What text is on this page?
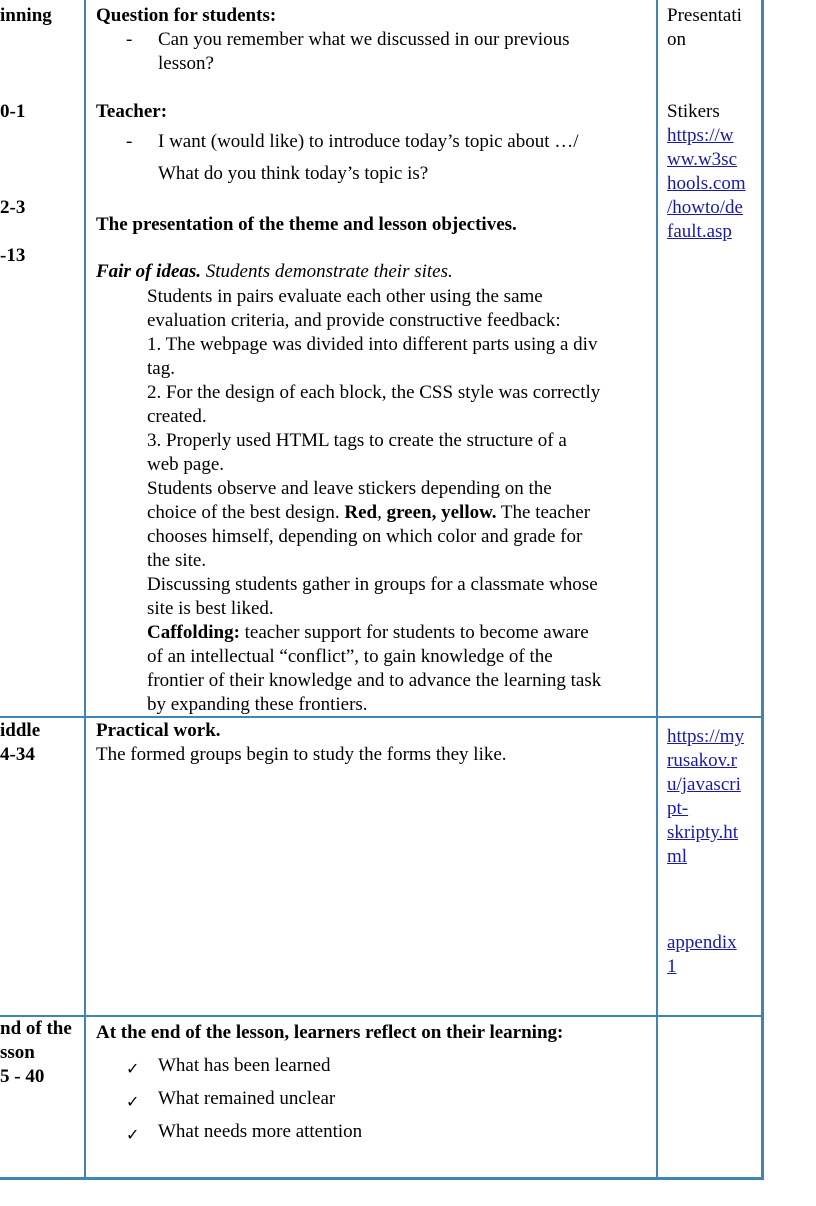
inning
0-1
2-3
-13
Question for students:
- Can you remember what we discussed in our previous
lesson?
Teacher:
- I want (would like) to introduce today’s topic about …/
What do you think today’s topic is?
The presentation of the theme and lesson objectives.
Fair of ideas. Students demonstrate their sites.
Students in pairs evaluate each other using the same
evaluation criteria, and provide constructive feedback:
1. The webpage was divided into different parts using a div
tag.
2. For the design of each block, the CSS style was correctly
created.
3. Properly used HTML tags to create the structure of a
web page.
Students observe and leave stickers depending on the
choice of the best design. Red, green, yellow. The teacher
chooses himself, depending on which color and grade for
the site.
Discussing students gather in groups for a classmate whose
site is best liked.
Caffolding: teacher support for students to become aware
of an intellectual “conflict”, to gain knowledge of the
frontier of their knowledge and to advance the learning task
by expanding these frontiers.
Presentati
on
Stikers
https://w
ww.w3sc
hools.com
/howto/de
fault.asp
iddle
4-34
Practical work.
The formed groups begin to study the forms they like.
https://my
rusakov.r
u/javascri
pt-
skripty.ht
ml
appendix
1
nd of the
sson
5 - 40
At the end of the lesson, learners reflect on their learning:
✓ What has been learned
✓ What remained unclear
✓ What needs more attention
